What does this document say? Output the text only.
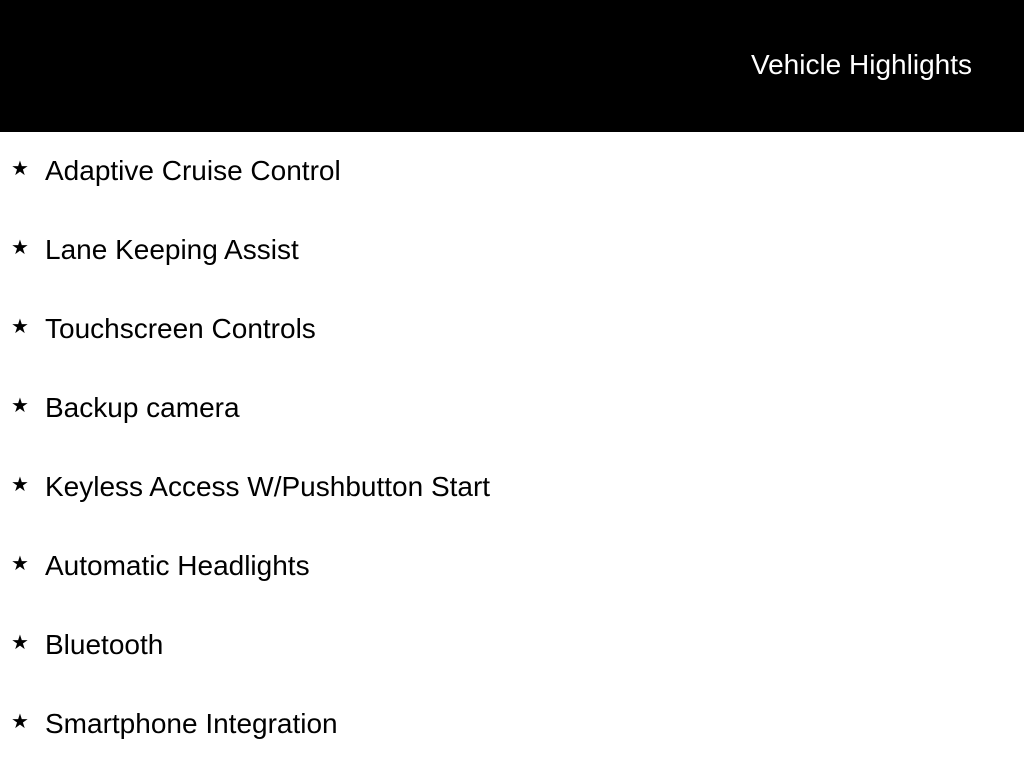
Vehicle Highlights
★ Adaptive Cruise Control
★ Lane Keeping Assist
★ Touchscreen Controls
★ Backup camera
★ Keyless Access W/Pushbutton Start
★ Automatic Headlights
★ Bluetooth
★ Smartphone Integration
